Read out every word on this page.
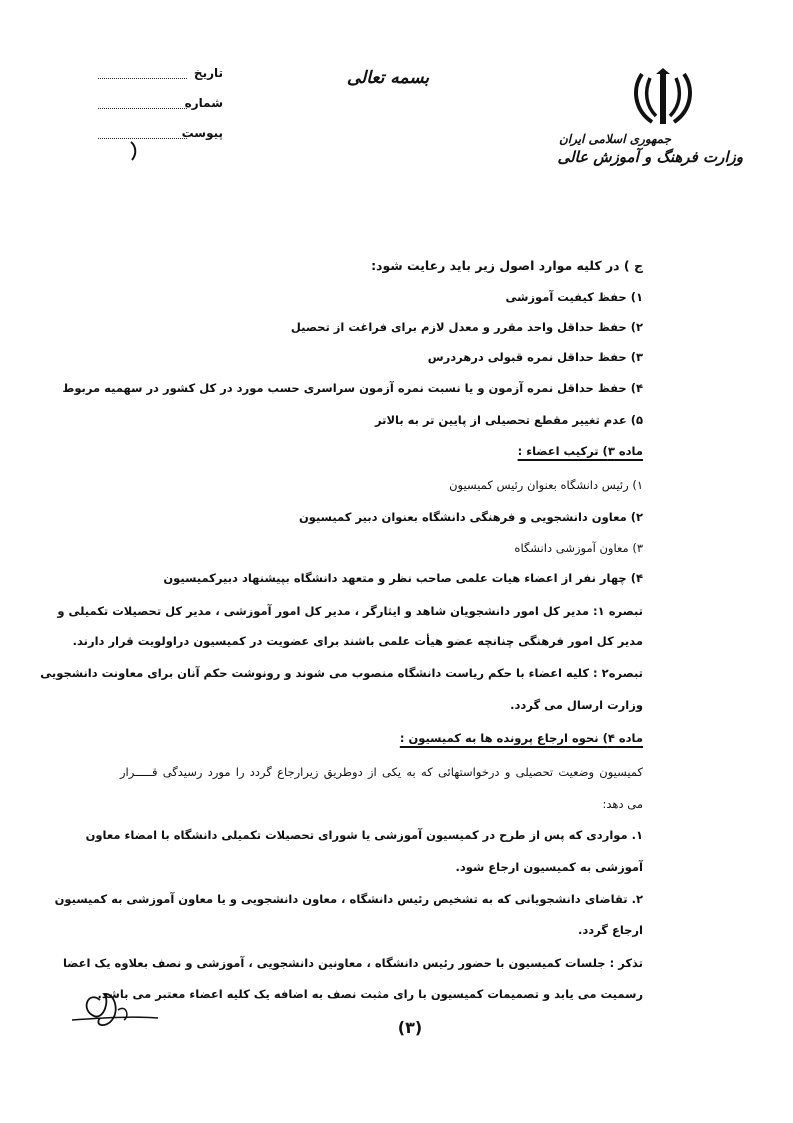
تاریخ
شماره
پیوست
بسمه تعالی
جمهوری اسلامی ایران
وزارت فرهنگ و آموزش عالی
ج ) در کلیه موارد اصول زیر باید رعایت شود:
۱) حفظ کیفیت آموزشی
۲) حفظ حداقل واحد مقرر و معدل لازم برای فراغت از تحصیل
۳) حفظ حداقل نمره قبولی درهردرس
۴) حفظ حداقل نمره آزمون و یا نسبت نمره آزمون سراسری حسب مورد در کل کشور در سهمیه مربوط
۵) عدم تغییر مقطع تحصیلی از پایین تر به بالاتر
ماده ۳) ترکیب اعضاء :
۱) رئیس دانشگاه بعنوان رئیس کمیسیون
۲) معاون دانشجویی و فرهنگی دانشگاه بعنوان دبیر کمیسیون
۳) معاون آموزشی دانشگاه
۴) چهار نفر از اعضاء هیات علمی صاحب نظر و متعهد دانشگاه بپیشنهاد دبیرکمیسیون
تبصره ۱: مدیر کل امور دانشجویان شاهد و ایثارگر ، مدیر کل امور آموزشی ، مدیر کل تحصیلات تکمیلی و
مدیر کل امور فرهنگی چنانچه عضو هیأت علمی باشند برای عضویت در کمیسیون دراولویت قرار دارند.
تبصره۲ : کلیه اعضاء با حکم ریاست دانشگاه منصوب می شوند و رونوشت حکم آنان برای معاونت دانشجویی
وزارت ارسال می گردد.
ماده ۴) نحوه ارجاع پرونده ها به کمیسیون :
کمیسیون وضعیت تحصیلی و درخواستهائی که به یکی از دوطریق زیرارجاع گردد را مورد رسیدگی قـــــرار
می دهد:
۱. مواردی که پس از طرح در کمیسیون آموزشی یا شورای تحصیلات تکمیلی دانشگاه با امضاء معاون
آموزشی به کمیسیون ارجاع شود.
۲. تقاضای دانشجویانی که به تشخیص رئیس دانشگاه ، معاون دانشجویی و یا معاون آموزشی به کمیسیون
ارجاع گردد.
تذکر : جلسات کمیسیون با حضور رئیس دانشگاه ، معاونین دانشجویی ، آموزشی و نصف بعلاوه یک اعضا
رسمیت می یابد و تصمیمات کمیسیون با رای مثبت نصف به اضافه یک کلیه اعضاء معتبر می باشد.
(۳)
